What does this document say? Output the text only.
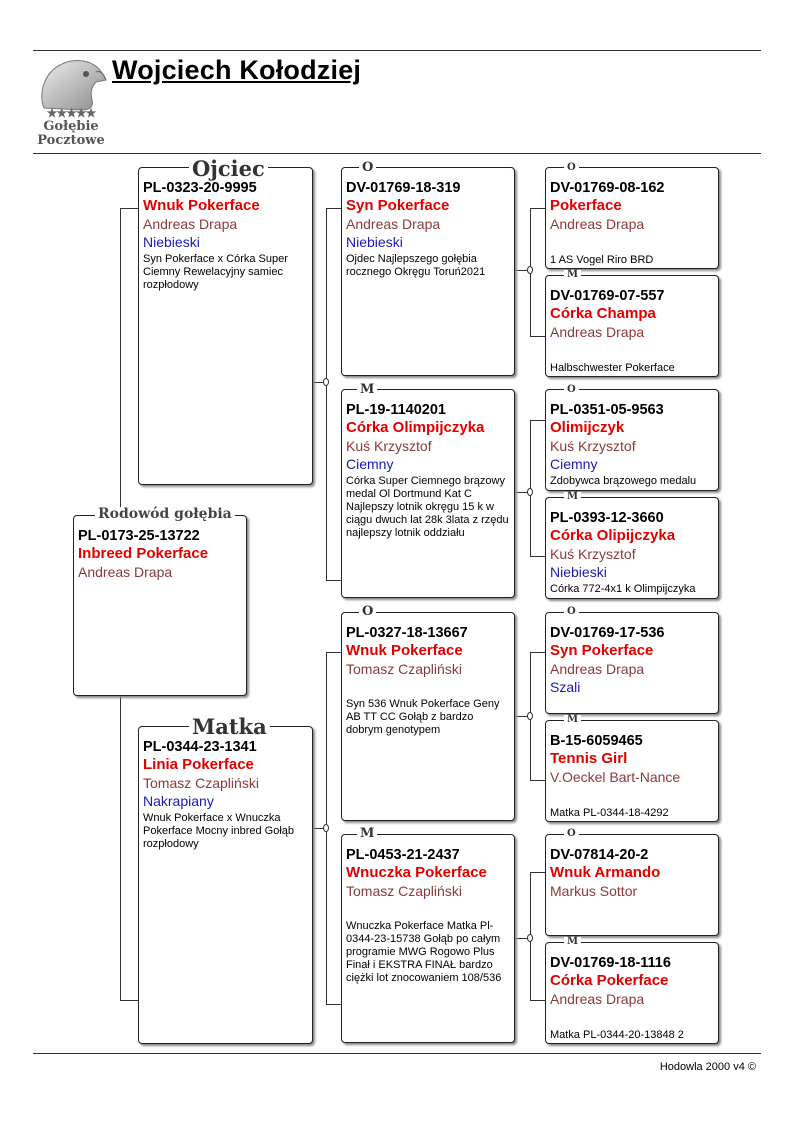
★★★★★
Gołębie
Pocztowe
Wojciech Kołodziej
PL-0173-25-13722
Inbreed Pokerface
Andreas Drapa
Rodowód gołębia
PL-0323-20-9995
Wnuk Pokerface
Andreas Drapa
Niebieski
Syn Pokerface x Córka Super Ciemny Rewelacyjny samiec rozpłodowy
Ojciec
PL-0344-23-1341
Linia Pokerface
Tomasz Czapliński
Nakrapiany
Wnuk Pokerface x Wnuczka Pokerface Mocny inbred Gołąb rozpłodowy
Matka
DV-01769-18-319
Syn Pokerface
Andreas Drapa
Niebieski
Ojdec Najlepszego gołębia rocznego Okręgu Toruń2021
O
PL-19-1140201
Córka Olimpijczyka
Kuś Krzysztof
Ciemny
Córka Super Ciemnego brązowy medal Ol Dortmund Kat C Najlepszy lotnik okręgu 15 k w ciągu dwuch lat 28k 3lata z rzędu najlepszy lotnik oddziału
M
PL-0327-18-13667
Wnuk Pokerface
Tomasz Czapliński
Syn 536 Wnuk Pokerface Geny AB TT CC Gołąb z bardzo dobrym genotypem
O
PL-0453-21-2437
Wnuczka Pokerface
Tomasz Czapliński
Wnuczka Pokerface Matka Pl-0344-23-15738 Gołąb po całym programie MWG Rogowo Plus Finał i EKSTRA FINAŁ bardzo ciężki lot znocowaniem 108/536
M
DV-01769-08-162
Pokerface
Andreas Drapa
1 AS Vogel Riro BRD
O
DV-01769-07-557
Córka Champa
Andreas Drapa
Halbschwester Pokerface
M
PL-0351-05-9563
Olimijczyk
Kuś Krzysztof
Ciemny
Zdobywca brązowego medalu
O
PL-0393-12-3660
Córka Olipijczyka
Kuś Krzysztof
Niebieski
Córka 772-4x1 k Olimpijczyka
M
DV-01769-17-536
Syn Pokerface
Andreas Drapa
Szali
O
B-15-6059465
Tennis Girl
V.Oeckel Bart-Nance
Matka PL-0344-18-4292
M
DV-07814-20-2
Wnuk Armando
Markus Sottor
O
DV-01769-18-1116
Córka Pokerface
Andreas Drapa
Matka PL-0344-20-13848 2
M
Hodowla 2000 v4 ©
